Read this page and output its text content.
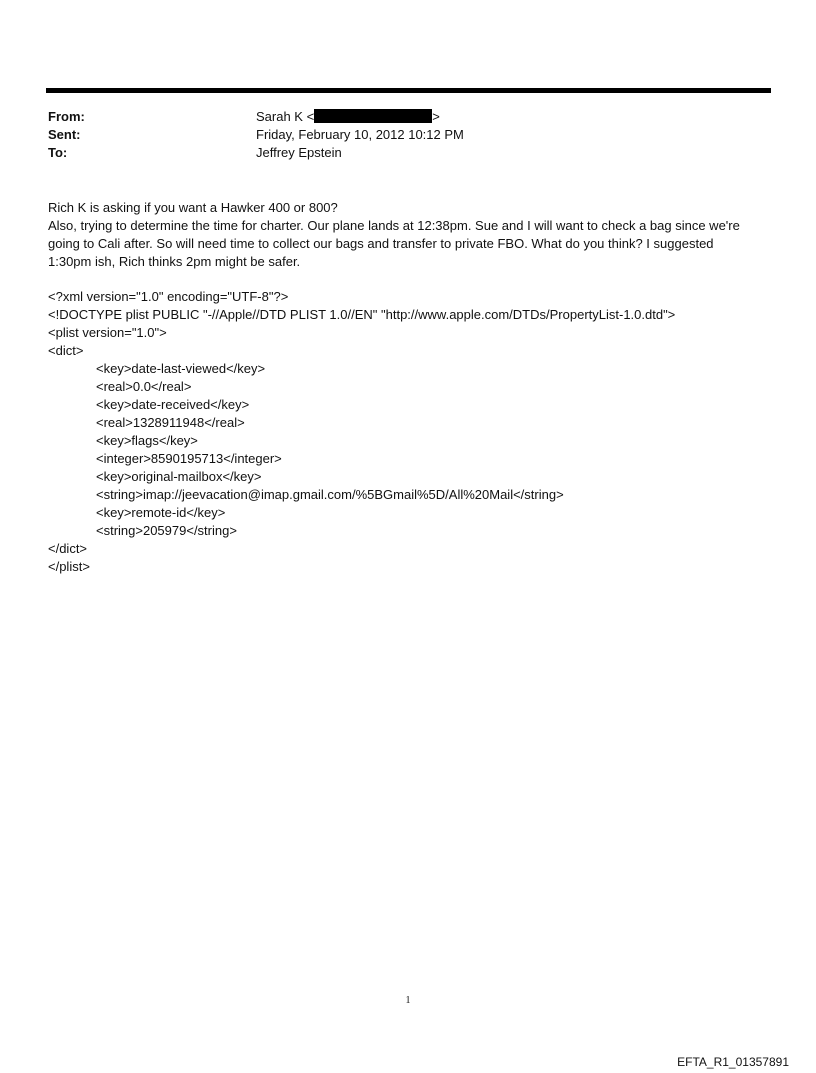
From:	Sarah K <	>
Sent:	Friday, February 10, 2012 10:12 PM
To:	Jeffrey Epstein

Rich K is asking if you want a Hawker 400 or 800?

Also, trying to determine the time for charter. Our plane lands at 12:38pm. Sue and I will want to check a bag since we're going to Cali after. So will need time to collect our bags and transfer to private FBO. What do you think? I suggested 1:30pm ish, Rich thinks 2pm might be safer.

<?xml version="1.0" encoding="UTF-8"?>
<!DOCTYPE plist PUBLIC "-//Apple//DTD PLIST 1.0//EN" "http://www.apple.com/DTDs/PropertyList-1.0.dtd">
<plist version="1.0">
<dict>
<key>date-last-viewed</key>
<real>0.0</real>
<key>date-received</key>
<real>1328911948</real>
<key>flags</key>
<integer>8590195713</integer>
<key>original-mailbox</key>
<string>imap://jeevacation@imap.gmail.com/%5BGmail%5D/All%20Mail</string>
<key>remote-id</key>
<string>205979</string>
</dict>
</plist>
1
EFTA_R1_01357891
